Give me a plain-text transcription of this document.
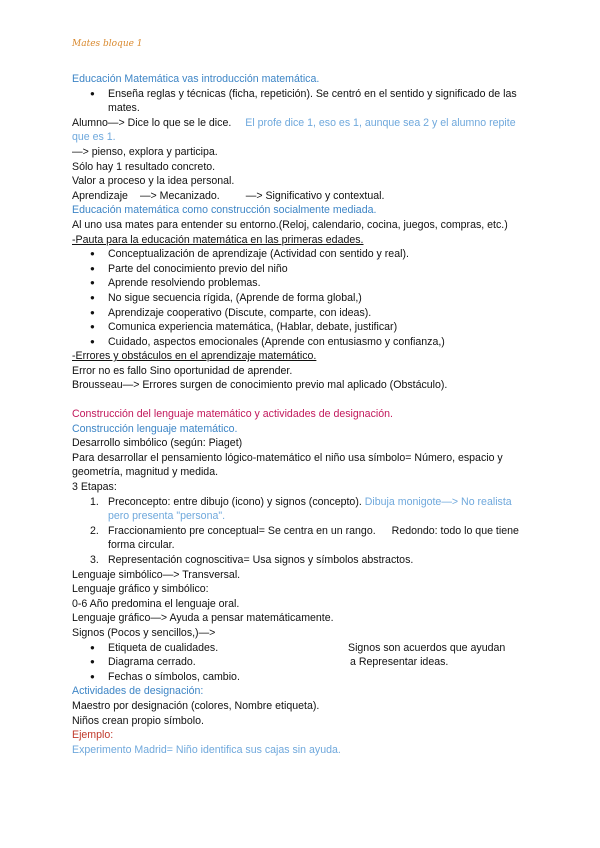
Mates bloque 1
Educación Matemática vas introducción matemática.
● Enseña reglas y técnicas (ficha, repetición). Se centró en el sentido y significado de las mates.
Alumno—> Dice lo que se le dice. El profe dice 1, eso es 1, aunque sea 2 y el alumno repite que es 1.
—> pienso, explora y participa.
Sólo hay 1 resultado concreto.
Valor a proceso y la idea personal.
Aprendizaje —> Mecanizado. —> Significativo y contextual.
Educación matemática como construcción socialmente mediada.
Al uno usa mates para entender su entorno.(Reloj, calendario, cocina, juegos, compras, etc.)
-Pauta para la educación matemática en las primeras edades.
● Conceptualización de aprendizaje (Actividad con sentido y real).
● Parte del conocimiento previo del niño
● Aprende resolviendo problemas.
● No sigue secuencia rígida, (Aprende de forma global,)
● Aprendizaje cooperativo (Discute, comparte, con ideas).
● Comunica experiencia matemática, (Hablar, debate, justificar)
● Cuidado, aspectos emocionales (Aprende con entusiasmo y confianza,)
-Errores y obstáculos en el aprendizaje matemático.
Error no es fallo Sino oportunidad de aprender.
Brousseau—> Errores surgen de conocimiento previo mal aplicado (Obstáculo).
Construcción del lenguaje matemático y actividades de designación.
Construcción lenguaje matemático.
Desarrollo simbólico (según: Piaget)
Para desarrollar el pensamiento lógico-matemático el niño usa símbolo= Número, espacio y geometría, magnitud y medida.
3 Etapas:
1. Preconcepto: entre dibujo (icono) y signos (concepto). Dibuja monigote—> No realista pero presenta "persona".
2. Fraccionamiento pre conceptual= Se centra en un rango. Redondo: todo lo que tiene forma circular.
3. Representación cognoscitiva= Usa signos y símbolos abstractos.
Lenguaje simbólico—> Transversal.
Lenguaje gráfico y simbólico:
0-6 Año predomina el lenguaje oral.
Lenguaje gráfico—> Ayuda a pensar matemáticamente.
Signos (Pocos y sencillos,)—>
● Etiqueta de cualidades.	Signos son acuerdos que ayudan
● Diagrama cerrado.	a Representar ideas.
● Fechas o símbolos, cambio.
Actividades de designación:
Maestro por designación (colores, Nombre etiqueta).
Niños crean propio símbolo.
Ejemplo:
Experimento Madrid= Niño identifica sus cajas sin ayuda.
